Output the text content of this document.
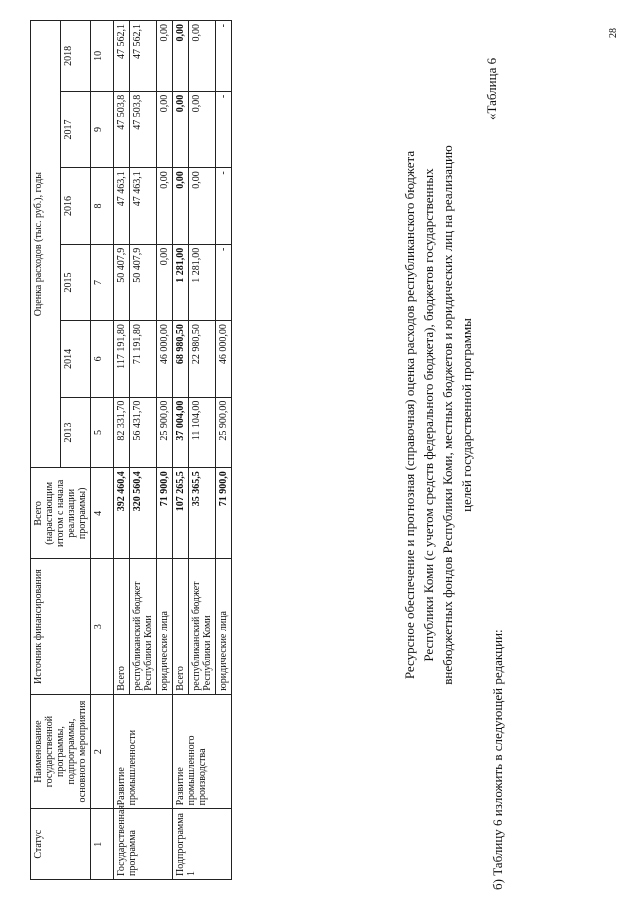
28
б) Таблицу 6 изложить в следующей редакции:
«Таблица 6
Ресурсное обеспечение и прогнозная (справочная) оценка расходов республиканского бюджета Республики Коми (с учетом средств федерального бюджета), бюджетов государственных внебюджетных фондов Республики Коми, местных бюджетов и юридических лиц на реализацию целей государственной программы
Статус	Наименование государственной программы, подпрограммы, основного мероприятия	Источник финансирования	Всего (нарастающим итогом с начала реализации программы)	Оценка расходов (тыс. руб.), годы					
				2013	2014	2015	2016	2017	2018
1	2	3	4	5	6	7	8	9	10
Государственная программа	Развитие промышленности	Всего	392 460,4	82 331,70	117 191,80	50 407,9	47 463,1	47 503,8	47 562,1
		республиканский бюджет Республики Коми	320 560,4	56 431,70	71 191,80	50 407,9	47 463,1	47 503,8	47 562,1
		юридические лица	71 900,0	25 900,00	46 000,00	0,00	0,00	0,00	0,00
Подпрограмма 1	Развитие промышленного производства	Всего	107 265,5	37 004,00	68 980,50	1 281,00	0,00	0,00	0,00
		республиканский бюджет Республики Коми	35 365,5	11 104,00	22 980,50	1 281,00	0,00	0,00	0,00
		юридические лица	71 900,0	25 900,00	46 000,00	-	-	-	-
